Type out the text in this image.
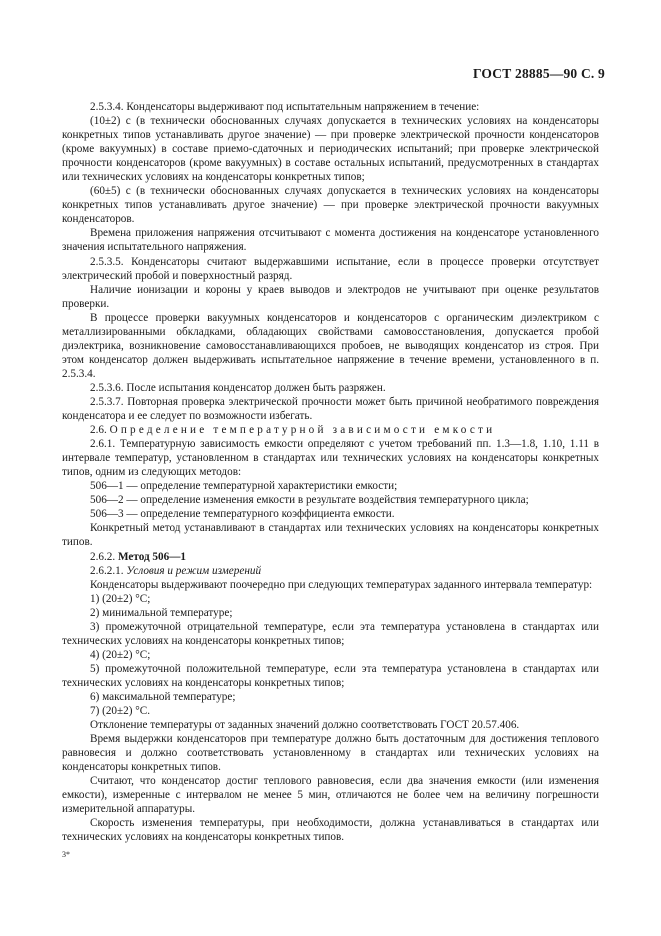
ГОСТ 28885—90 С. 9

2.5.3.4. Конденсаторы выдерживают под испытательным напряжением в течение:

(10±2) с (в технически обоснованных случаях допускается в технических условиях на конденсаторы конкретных типов устанавливать другое значение) — при проверке электрической прочности конденсаторов (кроме вакуумных) в составе приемо-сдаточных и периодических испытаний; при проверке электрической прочности конденсаторов (кроме вакуумных) в составе остальных испытаний, предусмотренных в стандартах или технических условиях на конденсаторы конкретных типов;

(60±5) с (в технически обоснованных случаях допускается в технических условиях на конденсаторы конкретных типов устанавливать другое значение) — при проверке электрической прочности вакуумных конденсаторов.

Времена приложения напряжения отсчитывают с момента достижения на конденсаторе установленного значения испытательного напряжения.

2.5.3.5. Конденсаторы считают выдержавшими испытание, если в процессе проверки отсутствует электрический пробой и поверхностный разряд.

Наличие ионизации и короны у краев выводов и электродов не учитывают при оценке результатов проверки.

В процессе проверки вакуумных конденсаторов и конденсаторов с органическим диэлектриком с металлизированными обкладками, обладающих свойствами самовосстановления, допускается пробой диэлектрика, возникновение самовосстанавливающихся пробоев, не выводящих конденсатор из строя. При этом конденсатор должен выдерживать испытательное напряжение в течение времени, установленного в п. 2.5.3.4.

2.5.3.6. После испытания конденсатор должен быть разряжен.

2.5.3.7. Повторная проверка электрической прочности может быть причиной необратимого повреждения конденсатора и ее следует по возможности избегать.

2.6. Определение температурной зависимости емкости

2.6.1. Температурную зависимость емкости определяют с учетом требований пп. 1.3—1.8, 1.10, 1.11 в интервале температур, установленном в стандартах или технических условиях на конденсаторы конкретных типов, одним из следующих методов:

506—1 — определение температурной характеристики емкости;

506—2 — определение изменения емкости в результате воздействия температурного цикла;

506—3 — определение температурного коэффициента емкости.

Конкретный метод устанавливают в стандартах или технических условиях на конденсаторы конкретных типов.

2.6.2. Метод 506—1

2.6.2.1. Условия и режим измерений

Конденсаторы выдерживают поочередно при следующих температурах заданного интервала температур:

1) (20±2) °С;

2) минимальной температуре;

3) промежуточной отрицательной температуре, если эта температура установлена в стандартах или технических условиях на конденсаторы конкретных типов;

4) (20±2) °С;

5) промежуточной положительной температуре, если эта температура установлена в стандартах или технических условиях на конденсаторы конкретных типов;

6) максимальной температуре;

7) (20±2) °С.

Отклонение температуры от заданных значений должно соответствовать ГОСТ 20.57.406.

Время выдержки конденсаторов при температуре должно быть достаточным для достижения теплового равновесия и должно соответствовать установленному в стандартах или технических условиях на конденсаторы конкретных типов.

Считают, что конденсатор достиг теплового равновесия, если два значения емкости (или изменения емкости), измеренные с интервалом не менее 5 мин, отличаются не более чем на величину погрешности измерительной аппаратуры.

Скорость изменения температуры, при необходимости, должна устанавливаться в стандартах или технических условиях на конденсаторы конкретных типов.

3*
